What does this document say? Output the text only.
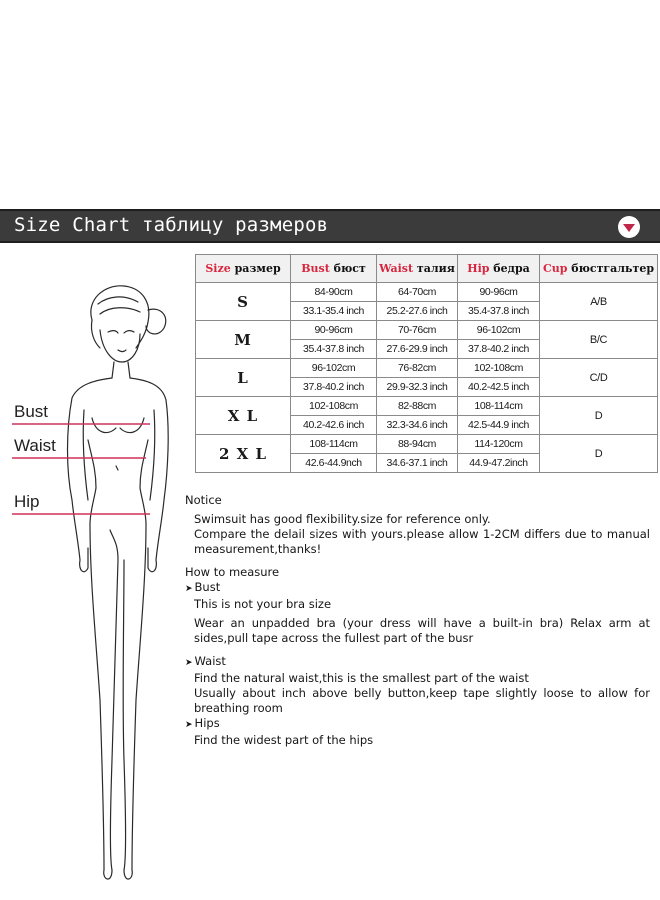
Size Chart таблицу размеров
Size размер	Bust бюст	Waist талия	Hip бедра	Cup бюстгальтер
S	84-90cm	64-70cm	90-96cm	A/B
	33.1-35.4 inch	25.2-27.6 inch	35.4-37.8 inch	
M	90-96cm	70-76cm	96-102cm	B/C
	35.4-37.8 inch	27.6-29.9 inch	37.8-40.2 inch	
L	96-102cm	76-82cm	102-108cm	C/D
	37.8-40.2 inch	29.9-32.3 inch	40.2-42.5 inch	
X L	102-108cm	82-88cm	108-114cm	D
	40.2-42.6 inch	32.3-34.6 inch	42.5-44.9 inch	
2 X L	108-114cm	88-94cm	114-120cm	D
	42.6-44.9nch	34.6-37.1 inch	44.9-47.2inch	
Bust
Waist
Hip	Notice

Swimsuit has good flexibility.size for reference only.

Compare the delail sizes with yours.please allow 1-2CM differs due to manual measurement,thanks!

How to measure

➤ Bust

This is not your bra size

Wear an unpadded bra (your dress will have a built-in bra) Relax arm at sides,pull tape across the fullest part of the busr

➤ Waist

Find the natural waist,this is the smallest part of the waist

Usually about inch above belly button,keep tape slightly loose to allow for breathing room

➤ Hips

Find the widest part of the hips
